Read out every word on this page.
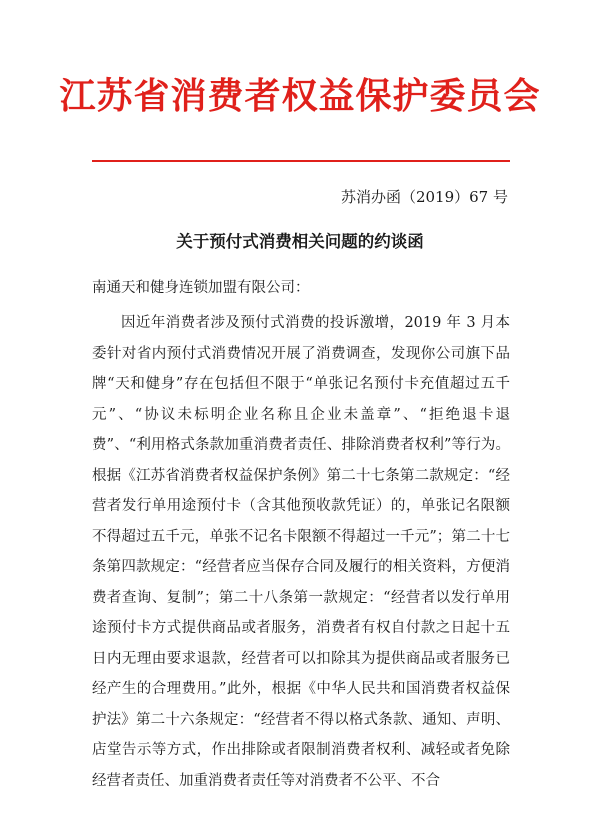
江苏省消费者权益保护委员会
苏消办函（2019）67 号
关于预付式消费相关问题的约谈函
南通天和健身连锁加盟有限公司：

因近年消费者涉及预付式消费的投诉激增，2019 年 3 月本委针对省内预付式消费情况开展了消费调查，发现你公司旗下品牌“天和健身”存在包括但不限于“单张记名预付卡充值超过五千元”、“协议未标明企业名称且企业未盖章”、“拒绝退卡退费”、“利用格式条款加重消费者责任、排除消费者权利”等行为。根据《江苏省消费者权益保护条例》第二十七条第二款规定：“经营者发行单用途预付卡（含其他预收款凭证）的，单张记名限额不得超过五千元，单张不记名卡限额不得超过一千元”；第二十七条第四款规定：“经营者应当保存合同及履行的相关资料，方便消费者查询、复制”；第二十八条第一款规定：“经营者以发行单用途预付卡方式提供商品或者服务，消费者有权自付款之日起十五日内无理由要求退款，经营者可以扣除其为提供商品或者服务已经产生的合理费用。”此外，根据《中华人民共和国消费者权益保护法》第二十六条规定：“经营者不得以格式条款、通知、声明、店堂告示等方式，作出排除或者限制消费者权利、减轻或者免除经营者责任、加重消费者责任等对消费者不公平、不合
